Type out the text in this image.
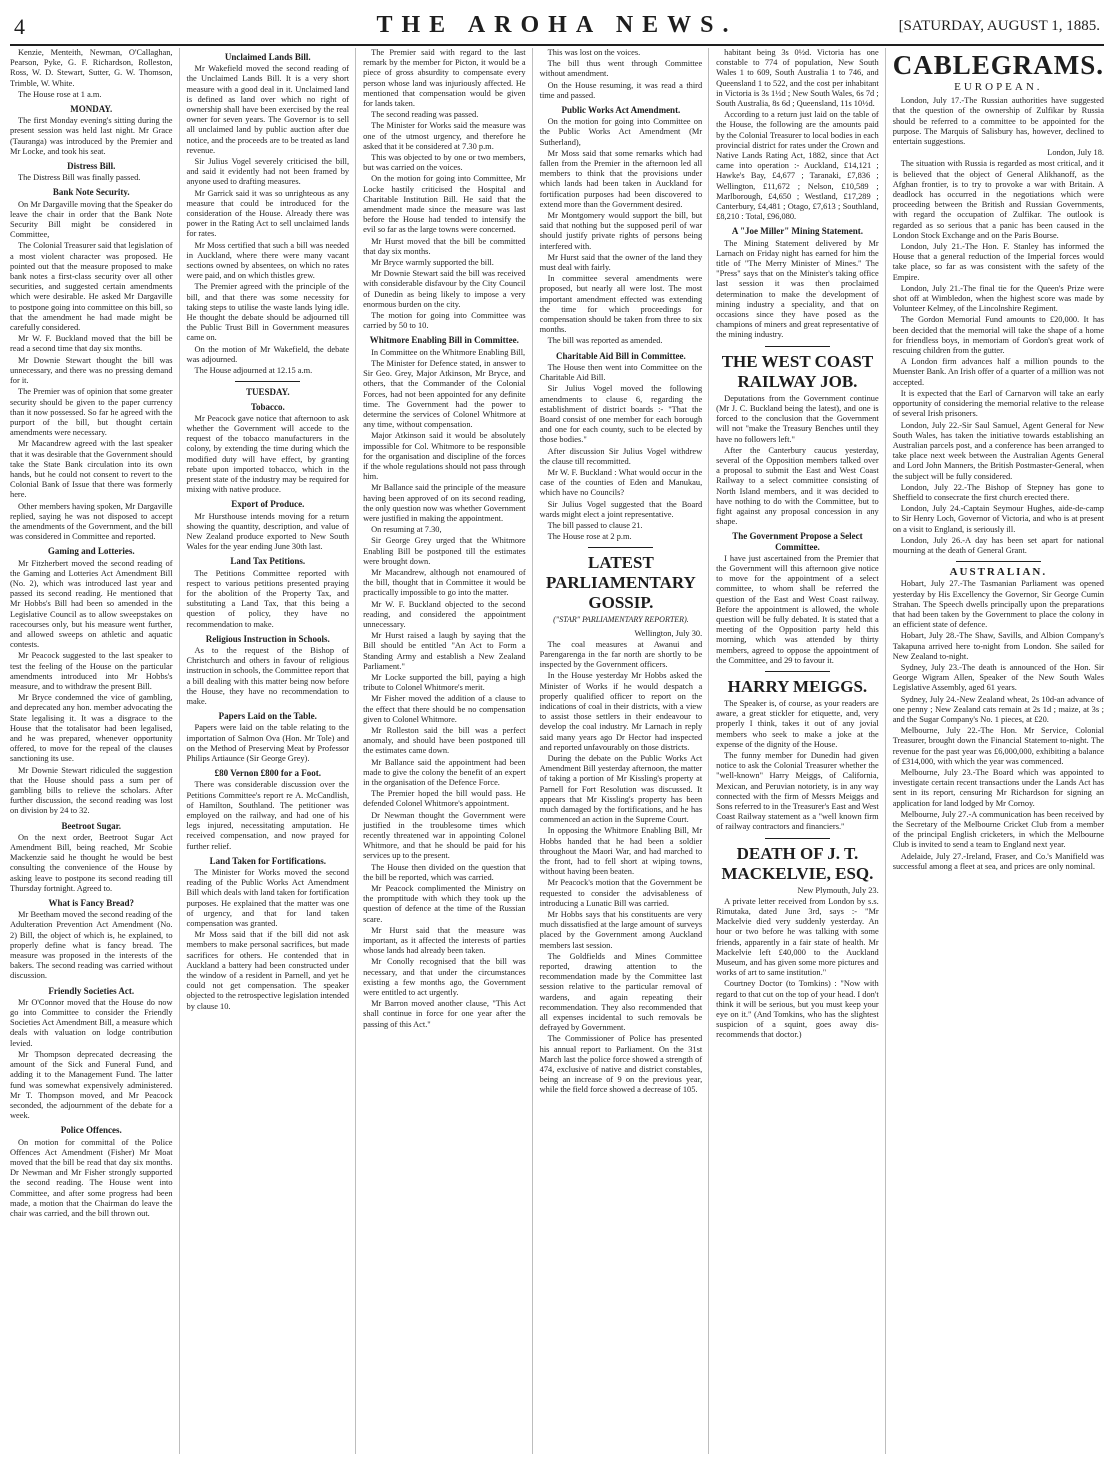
4	THE AROHA NEWS.	[SATURDAY, AUGUST 1, 1885.

Kenzie, Menteith, Newman, O'Callaghan, Pearson, Pyke, G. F. Richardson, Rolleston, Ross, W. D. Stewart, Sutter, G. W. Thomson, Trimble, W. White.

The House rose at 1 a.m.

MONDAY.

The first Monday evening's sitting during the present session was held last night. Mr Grace (Tauranga) was introduced by the Premier and Mr Locke, and took his seat.

Distress Bill.

The Distress Bill was finally passed.

Bank Note Security.

On Mr Dargaville moving that the Speaker do leave the chair in order that the Bank Note Security Bill might be considered in Committee,

The Colonial Treasurer said that legislation of a most violent character was proposed. He pointed out that the measure proposed to make bank notes a first-class security over all other securities, and suggested certain amendments which were desirable. He asked Mr Dargaville to postpone going into committee on this bill, so that the amendment he had made might be carefully considered.

Mr W. F. Buckland moved that the bill be read a second time that day six months.

Mr Downie Stewart thought the bill was unnecessary, and there was no pressing demand for it.

The Premier was of opinion that some greater security should be given to the paper currency than it now possessed. So far he agreed with the purport of the bill, but thought certain amendments were necessary.

Mr Macandrew agreed with the last speaker that it was desirable that the Government should take the State Bank circulation into its own hands, but he could not consent to revert to the Colonial Bank of Issue that there was formerly here.

Other members having spoken, Mr Dargaville replied, saying he was not disposed to accept the amendments of the Government, and the bill was considered in Committee and reported.

Gaming and Lotteries.

Mr Fitzherbert moved the second reading of the Gaming and Lotteries Act Amendment Bill (No. 2), which was introduced last year and passed its second reading. He mentioned that Mr Hobbs's Bill had been so amended in the Legislative Council as to allow sweepstakes on racecourses only, but his measure went further, and allowed sweeps on athletic and aquatic contests.

Mr Peacock suggested to the last speaker to test the feeling of the House on the particular amendments introduced into Mr Hobbs's measure, and to withdraw the present Bill.

Mr Bryce condemned the vice of gambling, and deprecated any hon. member advocating the State legalising it. It was a disgrace to the House that the totalisator had been legalised, and he was prepared, whenever opportunity offered, to move for the repeal of the clauses sanctioning its use.

Mr Downie Stewart ridiculed the suggestion that the House should pass a sum per of gambling bills to relieve the scholars. After further discussion, the second reading was lost on division by 24 to 32.

Beetroot Sugar.

On the next order, Beetroot Sugar Act Amendment Bill, being reached, Mr Scobie Mackenzie said he thought he would be best consulting the convenience of the House by asking leave to postpone its second reading till Thursday fortnight. Agreed to.

What is Fancy Bread?

Mr Beetham moved the second reading of the Adulteration Prevention Act Amendment (No. 2) Bill, the object of which is, he explained, to properly define what is fancy bread. The measure was proposed in the interests of the bakers. The second reading was carried without discussion.

Friendly Societies Act.

Mr O'Connor moved that the House do now go into Committee to consider the Friendly Societies Act Amendment Bill, a measure which deals with valuation on lodge contribution levied.

Mr Thompson deprecated decreasing the amount of the Sick and Funeral Fund, and adding it to the Management Fund. The latter fund was somewhat expensively administered. Mr T. Thompson moved, and Mr Peacock seconded, the adjournment of the debate for a week.

Police Offences.

On motion for committal of the Police Offences Act Amendment (Fisher) Mr Moat moved that the bill be read that day six months. Dr Newman and Mr Fisher strongly supported the second reading. The House went into Committee, and after some progress had been made, a motion that the Chairman do leave the chair was carried, and the bill thrown out.

Unclaimed Lands Bill.

Mr Wakefield moved the second reading of the Unclaimed Lands Bill. It is a very short measure with a good deal in it. Unclaimed land is defined as land over which no right of ownership shall have been exercised by the real owner for seven years. The Governor is to sell all unclaimed land by public auction after due notice, and the proceeds are to be treated as land revenue.

Sir Julius Vogel severely criticised the bill, and said it evidently had not been framed by anyone used to drafting measures.

Mr Garrick said it was so unrighteous as any measure that could be introduced for the consideration of the House. Already there was power in the Rating Act to sell unclaimed lands for rates.

Mr Moss certified that such a bill was needed in Auckland, where there were many vacant sections owned by absentees, on which no rates were paid, and on which thistles grew.

The Premier agreed with the principle of the bill, and that there was some necessity for taking steps to utilise the waste lands lying idle. He thought the debate should be adjourned till the Public Trust Bill in Government measures came on.

On the motion of Mr Wakefield, the debate was adjourned.

The House adjourned at 12.15 a.m.

TUESDAY.
Tobacco.

Mr Peacock gave notice that afternoon to ask whether the Government will accede to the request of the tobacco manufacturers in the colony, by extending the time during which the modified duty will have effect, by granting rebate upon imported tobacco, which in the present state of the industry may be required for mixing with native produce.

Export of Produce.

Mr Hursthouse intends moving for a return showing the quantity, description, and value of New Zealand produce exported to New South Wales for the year ending June 30th last.

Land Tax Petitions.

The Petitions Committee reported with respect to various petitions presented praying for the abolition of the Property Tax, and substituting a Land Tax, that this being a question of policy, they have no recommendation to make.

Religious Instruction in Schools.

As to the request of the Bishop of Christchurch and others in favour of religious instruction in schools, the Committee report that a bill dealing with this matter being now before the House, they have no recommendation to make.

Papers Laid on the Table.

Papers were laid on the table relating to the importation of Salmon Ova (Hon. Mr Tole) and on the Method of Preserving Meat by Professor Philips Artiaunce (Sir George Grey).

£80 Vernon £800 for a Foot.

There was considerable discussion over the Petitions Committee's report re A. McCandlish, of Hamilton, Southland. The petitioner was employed on the railway, and had one of his legs injured, necessitating amputation. He received compensation, and now prayed for further relief.

Land Taken for Fortifications.

The Minister for Works moved the second reading of the Public Works Act Amendment Bill which deals with land taken for fortification purposes. He explained that the matter was one of urgency, and that for land taken compensation was granted.

Mr Moss said that if the bill did not ask members to make personal sacrifices, but made sacrifices for others. He contended that in Auckland a battery had been constructed under the window of a resident in Parnell, and yet he could not get compensation. The speaker objected to the retrospective legislation intended by clause 10.

The Premier said with regard to the last remark by the member for Picton, it would be a piece of gross absurdity to compensate every person whose land was injuriously affected. He mentioned that compensation would be given for lands taken.

The second reading was passed.

The Minister for Works said the measure was one of the utmost urgency, and therefore he asked that it be considered at 7.30 p.m.

This was objected to by one or two members, but was carried on the voices.

On the motion for going into Committee, Mr Locke hastily criticised the Hospital and Charitable Institution Bill. He said that the amendment made since the measure was last before the House had tended to intensify the evil so far as the large towns were concerned.

Mr Hurst moved that the bill be committed that day six months.

Mr Bryce warmly supported the bill.

Mr Downie Stewart said the bill was received with considerable disfavour by the City Council of Dunedin as being likely to impose a very enormous burden on the city.

The motion for going into Committee was carried by 50 to 10.

Whitmore Enabling Bill in Committee.

In Committee on the Whitmore Enabling Bill,

The Minister for Defence stated, in answer to Sir Geo. Grey, Major Atkinson, Mr Bryce, and others, that the Commander of the Colonial Forces, had not been appointed for any definite time. The Government had the power to determine the services of Colonel Whitmore at any time, without compensation.

Major Atkinson said it would be absolutely impossible for Col. Whitmore to be responsible for the organisation and discipline of the forces if the whole regulations should not pass through him.

Mr Ballance said the principle of the measure having been approved of on its second reading, the only question now was whether Government were justified in making the appointment.

On resuming at 7.30,

Sir George Grey urged that the Whitmore Enabling Bill be postponed till the estimates were brought down.

Mr Macandrew, although not enamoured of the bill, thought that in Committee it would be practically impossible to go into the matter.

Mr W. F. Buckland objected to the second reading, and considered the appointment unnecessary.

Mr Hurst raised a laugh by saying that the Bill should be entitled "An Act to Form a Standing Army and establish a New Zealand Parliament."

Mr Locke supported the bill, paying a high tribute to Colonel Whitmore's merit.

Mr Fisher moved the addition of a clause to the effect that there should be no compensation given to Colonel Whitmore.

Mr Rolleston said the bill was a perfect anomaly, and should have been postponed till the estimates came down.

Mr Ballance said the appointment had been made to give the colony the benefit of an expert in the organisation of the Defence Force.

The Premier hoped the bill would pass. He defended Colonel Whitmore's appointment.

Dr Newman thought the Government were justified in the troublesome times which recently threatened war in appointing Colonel Whitmore, and that he should be paid for his services up to the present.

The House then divided on the question that the bill be reported, which was carried.

Mr Peacock complimented the Ministry on the promptitude with which they took up the question of defence at the time of the Russian scare.

Mr Hurst said that the measure was important, as it affected the interests of parties whose lands had already been taken.

Mr Conolly recognised that the bill was necessary, and that under the circumstances existing a few months ago, the Government were entitled to act urgently.

Mr Barron moved another clause, "This Act shall continue in force for one year after the passing of this Act."

This was lost on the voices.

The bill thus went through Committee without amendment.

On the House resuming, it was read a third time and passed.

Public Works Act Amendment.

On the motion for going into Committee on the Public Works Act Amendment (Mr Sutherland),

Mr Moss said that some remarks which had fallen from the Premier in the afternoon led all members to think that the provisions under which lands had been taken in Auckland for fortification purposes had been discovered to extend more than the Government desired.

Mr Montgomery would support the bill, but said that nothing but the supposed peril of war should justify private rights of persons being interfered with.

Mr Hurst said that the owner of the land they must deal with fairly.

In committee several amendments were proposed, but nearly all were lost. The most important amendment effected was extending the time for which proceedings for compensation should be taken from three to six months.

The bill was reported as amended.

Charitable Aid Bill in Committee.

The House then went into Committee on the Charitable Aid Bill.

Sir Julius Vogel moved the following amendments to clause 6, regarding the establishment of district boards :- "That the Board consist of one member for each borough and one for each county, such to be elected by those bodies."

After discussion Sir Julius Vogel withdrew the clause till recommitted.

Mr W. F. Buckland : What would occur in the case of the counties of Eden and Manukau, which have no Councils?

Sir Julius Vogel suggested that the Board wards might elect a joint representative.

The bill passed to clause 21.

The House rose at 2 p.m.

LATEST PARLIAMENTARY GOSSIP.
("STAR" PARLIAMENTARY REPORTER).

Wellington, July 30.

The coal measures at Awanui and Parengarenga in the far north are shortly to be inspected by the Government officers.

In the House yesterday Mr Hobbs asked the Minister of Works if he would despatch a properly qualified officer to report on the indications of coal in their districts, with a view to assist those settlers in their endeavour to develop the coal industry. Mr Larnach in reply said many years ago Dr Hector had inspected and reported unfavourably on those districts.

During the debate on the Public Works Act Amendment Bill yesterday afternoon, the matter of taking a portion of Mr Kissling's property at Parnell for Fort Resolution was discussed. It appears that Mr Kissling's property has been much damaged by the fortifications, and he has commenced an action in the Supreme Court.

In opposing the Whitmore Enabling Bill, Mr Hobbs handed that he had been a soldier throughout the Maori War, and had marched to the front, had to fell short at wiping towns, without having been beaten.

Mr Peacock's motion that the Government be requested to consider the advisableness of introducing a Lunatic Bill was carried.

Mr Hobbs says that his constituents are very much dissatisfied at the large amount of surveys placed by the Government among Auckland members last session.

The Goldfields and Mines Committee reported, drawing attention to the recommendation made by the Committee last session relative to the particular removal of wardens, and again repeating their recommendation. They also recommended that all expenses incidental to such removals be defrayed by Government.

The Commissioner of Police has presented his annual report to Parliament. On the 31st March last the police force showed a strength of 474, exclusive of native and district constables, being an increase of 9 on the previous year, while the field force showed a decrease of 105.

habitant being 3s 0½d. Victoria has one constable to 774 of population, New South Wales 1 to 609, South Australia 1 to 746, and Queensland 1 to 522, and the cost per inhabitant in Victoria is 3s 1½d ; New South Wales, 6s 7d ; South Australia, 8s 6d ; Queensland, 11s 10½d.

According to a return just laid on the table of the House, the following are the amounts paid by the Colonial Treasurer to local bodies in each provincial district for rates under the Crown and Native Lands Rating Act, 1882, since that Act came into operation :- Auckland, £14,121 ; Hawke's Bay, £4,677 ; Taranaki, £7,836 ; Wellington, £11,672 ; Nelson, £10,589 ; Marlborough, £4,650 ; Westland, £17,289 ; Canterbury, £4,481 ; Otago, £7,613 ; Southland, £8,210 : Total, £96,080.

A "Joe Miller" Mining Statement.

The Mining Statement delivered by Mr Larnach on Friday night has earned for him the title of "The Merry Minister of Mines." The "Press" says that on the Minister's taking office last session it was then proclaimed determination to make the development of mining industry a speciality, and that on occasions since they have posed as the champions of miners and great representative of the mining industry.

THE WEST COAST RAILWAY JOB.

Deputations from the Government continue (Mr J. C. Buckland being the latest), and one is forced to the conclusion that the Government will not "make the Treasury Benches until they have no followers left."

After the Canterbury caucus yesterday, several of the Opposition members talked over a proposal to submit the East and West Coast Railway to a select committee consisting of North Island members, and it was decided to have nothing to do with the Committee, but to fight against any proposal concession in any shape.

The Government Propose a Select Committee.

I have just ascertained from the Premier that the Government will this afternoon give notice to move for the appointment of a select committee, to whom shall be referred the question of the East and West Coast railway. Before the appointment is allowed, the whole question will be fully debated. It is stated that a meeting of the Opposition party held this morning, which was attended by thirty members, agreed to oppose the appointment of the Committee, and 29 to favour it.

HARRY MEIGGS.

The Speaker is, of course, as your readers are aware, a great stickler for etiquette, and, very properly I think, takes it out of any jovial members who seek to make a joke at the expense of the dignity of the House.

The funny member for Dunedin had given notice to ask the Colonial Treasurer whether the "well-known" Harry Meiggs, of California, Mexican, and Peruvian notoriety, is in any way connected with the firm of Messrs Meiggs and Sons referred to in the Treasurer's East and West Coast Railway statement as a "well known firm of railway contractors and financiers."

DEATH OF J. T. MACKELVIE, ESQ.

New Plymouth, July 23.

A private letter received from London by s.s. Rimutaka, dated June 3rd, says :- "Mr Mackelvie died very suddenly yesterday. An hour or two before he was talking with some friends, apparently in a fair state of health. Mr Mackelvie left £40,000 to the Auckland Museum, and has given some more pictures and works of art to same institution."

Courtney Doctor (to Tomkins) : "Now with regard to that cut on the top of your head. I don't think it will be serious, but you must keep your eye on it." (And Tomkins, who has the slightest suspicion of a squint, goes away dis-recommends that doctor.)

CABLEGRAMS.
EUROPEAN.

London, July 17.-The Russian authorities have suggested that the question of the ownership of Zulfikar by Russia should be referred to a committee to be appointed for the purpose. The Marquis of Salisbury has, however, declined to entertain suggestions.

London, July 18.

The situation with Russia is regarded as most critical, and it is believed that the object of General Alikhanoff, as the Afghan frontier, is to try to provoke a war with Britain. A deadlock has occurred in the negotiations which were proceeding between the British and Russian Governments, with regard the occupation of Zulfikar. The outlook is regarded as so serious that a panic has been caused in the London Stock Exchange and on the Paris Bourse.

London, July 21.-The Hon. F. Stanley has informed the House that a general reduction of the Imperial forces would take place, so far as was consistent with the safety of the Empire.

London, July 21.-The final tie for the Queen's Prize were shot off at Wimbledon, when the highest score was made by Volunteer Kelmey, of the Lincolnshire Regiment.

The Gordon Memorial Fund amounts to £20,000. It has been decided that the memorial will take the shape of a home for friendless boys, in memoriam of Gordon's great work of rescuing children from the gutter.

A London firm advances half a million pounds to the Muenster Bank. An Irish offer of a quarter of a million was not accepted.

It is expected that the Earl of Carnarvon will take an early opportunity of considering the memorial relative to the release of several Irish prisoners.

London, July 22.-Sir Saul Samuel, Agent General for New South Wales, has taken the initiative towards establishing an Australian parcels post, and a conference has been arranged to take place next week between the Australian Agents General and Lord John Manners, the British Postmaster-General, when the subject will be fully considered.

London, July 22.-The Bishop of Stepney has gone to Sheffield to consecrate the first church erected there.

London, July 24.-Captain Seymour Hughes, aide-de-camp to Sir Henry Loch, Governor of Victoria, and who is at present on a visit to England, is seriously ill.

London, July 26.-A day has been set apart for national mourning at the death of General Grant.

AUSTRALIAN.

Hobart, July 27.-The Tasmanian Parliament was opened yesterday by His Excellency the Governor, Sir George Cumin Strahan. The Speech dwells principally upon the preparations that had been taken by the Government to place the colony in an efficient state of defence.

Hobart, July 28.-The Shaw, Savills, and Albion Company's Takapuna arrived here to-night from London. She sailed for New Zealand to-night.

Sydney, July 23.-The death is announced of the Hon. Sir George Wigram Allen, Speaker of the New South Wales Legislative Assembly, aged 61 years.

Sydney, July 24.-New Zealand wheat, 2s 10d-an advance of one penny ; New Zealand cats remain at 2s 1d ; maize, at 3s ; and the Sugar Company's No. 1 pieces, at £20.

Melbourne, July 22.-The Hon. Mr Service, Colonial Treasurer, brought down the Financial Statement to-night. The revenue for the past year was £6,000,000, exhibiting a balance of £314,000, with which the year was commenced.

Melbourne, July 23.-The Board which was appointed to investigate certain recent transactions under the Lands Act has sent in its report, censuring Mr Richardson for signing an application for land lodged by Mr Cornoy.

Melbourne, July 27.-A communication has been received by the Secretary of the Melbourne Cricket Club from a member of the principal English cricketers, in which the Melbourne Club is invited to send a team to England next year.

Adelaide, July 27.-Ireland, Fraser, and Co.'s Manifield was successful among a fleet at sea, and prices are only nominal.
